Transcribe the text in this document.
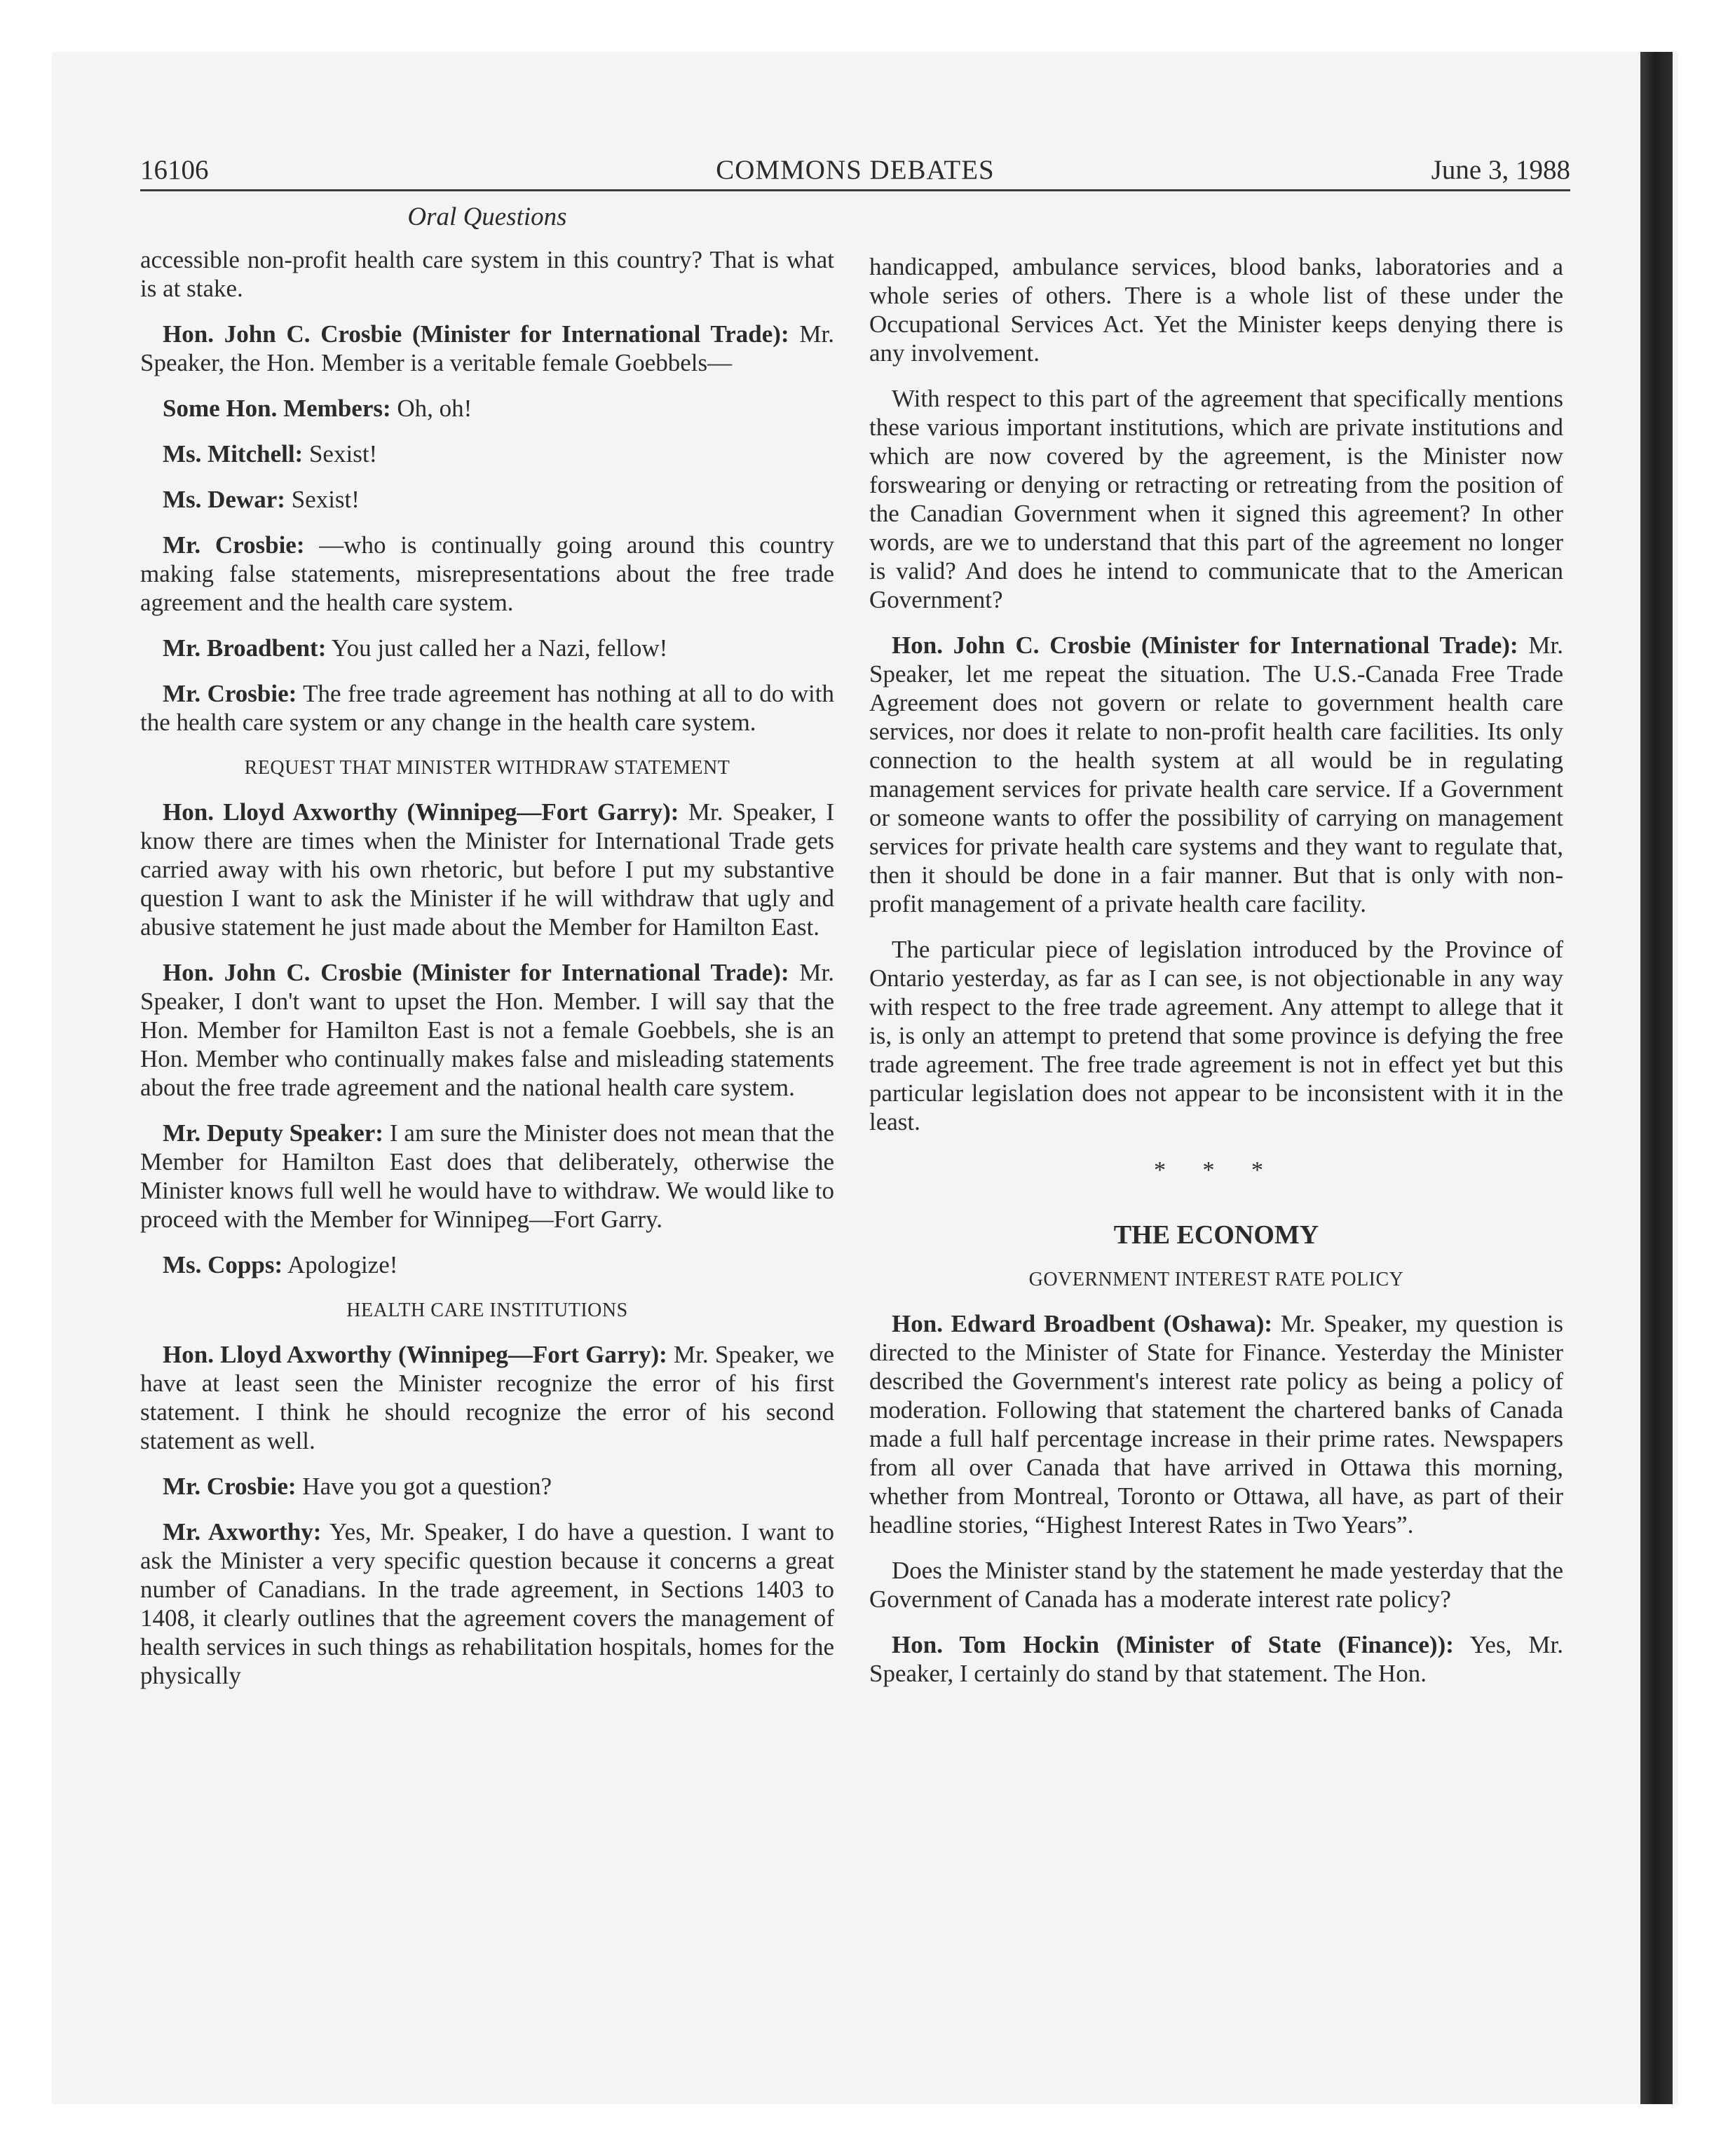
16106	COMMONS DEBATES	June 3, 1988
Oral Questions

accessible non-profit health care system in this country? That is what is at stake.

Hon. John C. Crosbie (Minister for International Trade): Mr. Speaker, the Hon. Member is a veritable female Goebbels—

Some Hon. Members: Oh, oh!

Ms. Mitchell: Sexist!

Ms. Dewar: Sexist!

Mr. Crosbie: —who is continually going around this country making false statements, misrepresentations about the free trade agreement and the health care system.

Mr. Broadbent: You just called her a Nazi, fellow!

Mr. Crosbie: The free trade agreement has nothing at all to do with the health care system or any change in the health care system.

REQUEST THAT MINISTER WITHDRAW STATEMENT

Hon. Lloyd Axworthy (Winnipeg—Fort Garry): Mr. Speaker, I know there are times when the Minister for International Trade gets carried away with his own rhetoric, but before I put my substantive question I want to ask the Minister if he will withdraw that ugly and abusive statement he just made about the Member for Hamilton East.

Hon. John C. Crosbie (Minister for International Trade): Mr. Speaker, I don't want to upset the Hon. Member. I will say that the Hon. Member for Hamilton East is not a female Goebbels, she is an Hon. Member who continually makes false and misleading statements about the free trade agreement and the national health care system.

Mr. Deputy Speaker: I am sure the Minister does not mean that the Member for Hamilton East does that deliberately, otherwise the Minister knows full well he would have to withdraw. We would like to proceed with the Member for Winnipeg—Fort Garry.

Ms. Copps: Apologize!

HEALTH CARE INSTITUTIONS

Hon. Lloyd Axworthy (Winnipeg—Fort Garry): Mr. Speaker, we have at least seen the Minister recognize the error of his first statement. I think he should recognize the error of his second statement as well.

Mr. Crosbie: Have you got a question?

Mr. Axworthy: Yes, Mr. Speaker, I do have a question. I want to ask the Minister a very specific question because it concerns a great number of Canadians. In the trade agreement, in Sections 1403 to 1408, it clearly outlines that the agreement covers the management of health services in such things as rehabilitation hospitals, homes for the physically

handicapped, ambulance services, blood banks, laboratories and a whole series of others. There is a whole list of these under the Occupational Services Act. Yet the Minister keeps denying there is any involvement.

With respect to this part of the agreement that specifically mentions these various important institutions, which are private institutions and which are now covered by the agreement, is the Minister now forswearing or denying or retracting or retreating from the position of the Canadian Government when it signed this agreement? In other words, are we to understand that this part of the agreement no longer is valid? And does he intend to communicate that to the American Government?

Hon. John C. Crosbie (Minister for International Trade): Mr. Speaker, let me repeat the situation. The U.S.-Canada Free Trade Agreement does not govern or relate to government health care services, nor does it relate to non-profit health care facilities. Its only connection to the health system at all would be in regulating management services for private health care service. If a Government or someone wants to offer the possibility of carrying on management services for private health care systems and they want to regulate that, then it should be done in a fair manner. But that is only with non-profit management of a private health care facility.

The particular piece of legislation introduced by the Province of Ontario yesterday, as far as I can see, is not objectionable in any way with respect to the free trade agreement. Any attempt to allege that it is, is only an attempt to pretend that some province is defying the free trade agreement. The free trade agreement is not in effect yet but this particular legislation does not appear to be inconsistent with it in the least.

* * *
THE ECONOMY
GOVERNMENT INTEREST RATE POLICY

Hon. Edward Broadbent (Oshawa): Mr. Speaker, my question is directed to the Minister of State for Finance. Yesterday the Minister described the Government's interest rate policy as being a policy of moderation. Following that statement the chartered banks of Canada made a full half percentage increase in their prime rates. Newspapers from all over Canada that have arrived in Ottawa this morning, whether from Montreal, Toronto or Ottawa, all have, as part of their headline stories, “Highest Interest Rates in Two Years”.

Does the Minister stand by the statement he made yesterday that the Government of Canada has a moderate interest rate policy?

Hon. Tom Hockin (Minister of State (Finance)): Yes, Mr. Speaker, I certainly do stand by that statement. The Hon.
